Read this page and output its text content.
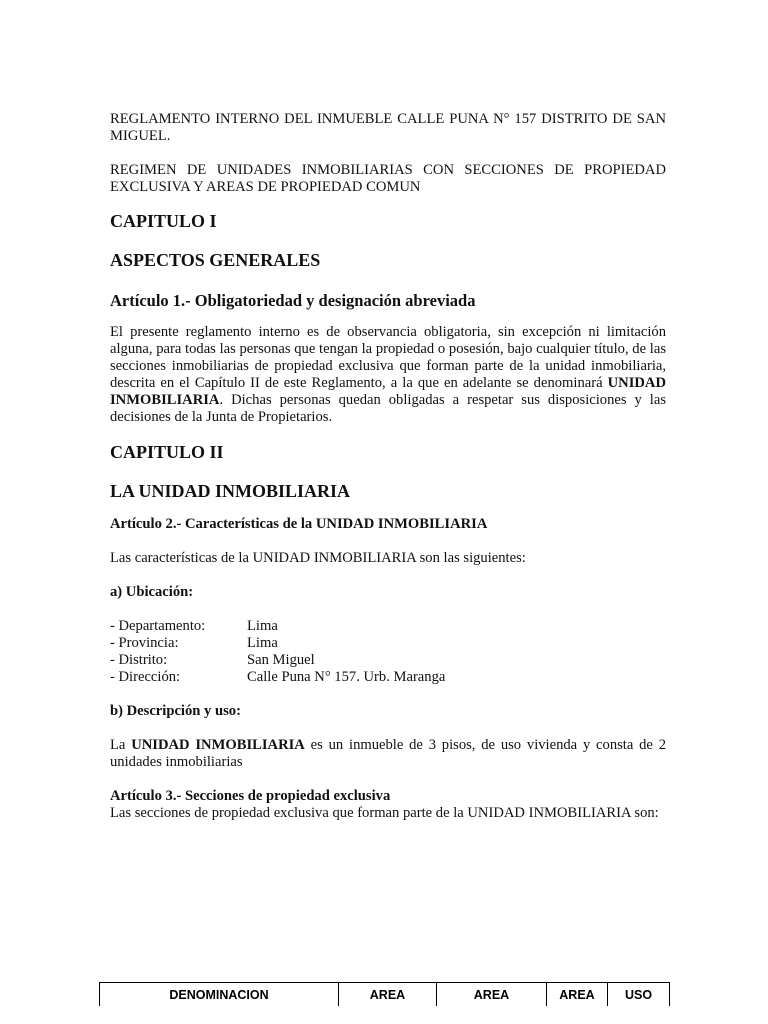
REGLAMENTO INTERNO DEL INMUEBLE CALLE PUNA N° 157 DISTRITO DE SAN MIGUEL.

REGIMEN DE UNIDADES INMOBILIARIAS CON SECCIONES DE PROPIEDAD EXCLUSIVA Y AREAS DE PROPIEDAD COMUN

CAPITULO I

ASPECTOS GENERALES

Artículo 1.- Obligatoriedad y designación abreviada

El presente reglamento interno es de observancia obligatoria, sin excepción ni limitación alguna, para todas las personas que tengan la propiedad o posesión, bajo cualquier título, de las secciones inmobiliarias de propiedad exclusiva que forman parte de la unidad inmobiliaria, descrita en el Capítulo II de este Reglamento, a la que en adelante se denominará UNIDAD INMOBILIARIA. Dichas personas quedan obligadas a respetar sus disposiciones y las decisiones de la Junta de Propietarios.

CAPITULO II

LA UNIDAD INMOBILIARIA

Artículo 2.- Características de la UNIDAD INMOBILIARIA

Las características de la UNIDAD INMOBILIARIA son las siguientes:

a) Ubicación:

- Departamento:	Lima
- Provincia:	Lima
- Distrito:	San Miguel
- Dirección:	Calle Puna N° 157. Urb. Maranga

b) Descripción y uso:

La UNIDAD INMOBILIARIA es un inmueble de 3 pisos, de uso vivienda y consta de 2 unidades inmobiliarias

Artículo 3.- Secciones de propiedad exclusiva

Las secciones de propiedad exclusiva que forman parte de la UNIDAD INMOBILIARIA son:

DENOMINACION	AREA	AREA	AREA	USO
